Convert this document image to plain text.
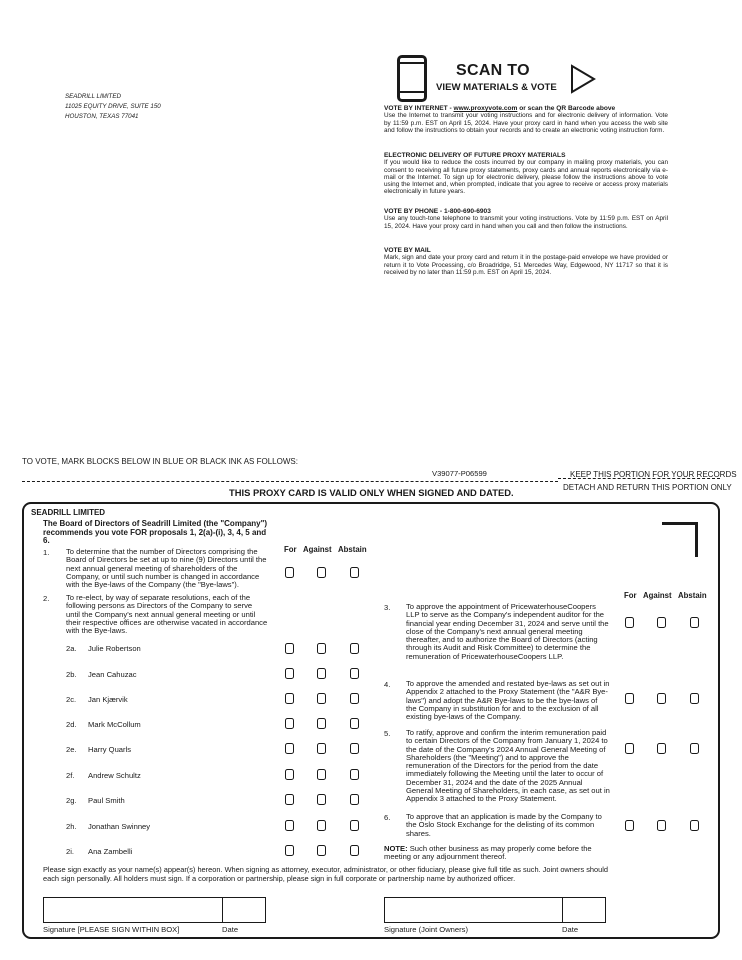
SEADRILL LIMITED
11025 EQUITY DRIVE, SUITE 150
HOUSTON, TEXAS 77041
SCAN TO
VIEW MATERIALS & VOTE
VOTE BY INTERNET - www.proxyvote.com or scan the QR Barcode above
Use the Internet to transmit your voting instructions and for electronic delivery of information. Vote by 11:59 p.m. EST on April 15, 2024. Have your proxy card in hand when you access the web site and follow the instructions to obtain your records and to create an electronic voting instruction form.
ELECTRONIC DELIVERY OF FUTURE PROXY MATERIALS
If you would like to reduce the costs incurred by our company in mailing proxy materials, you can consent to receiving all future proxy statements, proxy cards and annual reports electronically via e-mail or the Internet. To sign up for electronic delivery, please follow the instructions above to vote using the Internet and, when prompted, indicate that you agree to receive or access proxy materials electronically in future years.
VOTE BY PHONE - 1-800-690-6903
Use any touch-tone telephone to transmit your voting instructions. Vote by 11:59 p.m. EST on April 15, 2024. Have your proxy card in hand when you call and then follow the instructions.
VOTE BY MAIL
Mark, sign and date your proxy card and return it in the postage-paid envelope we have provided or return it to Vote Processing, c/o Broadridge, 51 Mercedes Way, Edgewood, NY 11717 so that it is received by no later than 11:59 p.m. EST on April 15, 2024.
TO VOTE, MARK BLOCKS BELOW IN BLUE OR BLACK INK AS FOLLOWS:
V39077-P06599	KEEP THIS PORTION FOR YOUR RECORDS
DETACH AND RETURN THIS PORTION ONLY
THIS PROXY CARD IS VALID ONLY WHEN SIGNED AND DATED.
SEADRILL LIMITED
The Board of Directors of Seadrill Limited (the "Company") recommends you vote FOR proposals 1, 2(a)-(i), 3, 4, 5 and 6.
For Against Abstain
1. To determine that the number of Directors comprising the Board of Directors be set at up to nine (9) Directors until the next annual general meeting of shareholders of the Company, or until such number is changed in accordance with the Bye-laws of the Company (the "Bye-laws").
2. To re-elect, by way of separate resolutions, each of the following persons as Directors of the Company to serve until the Company's next annual general meeting or until their respective offices are otherwise vacated in accordance with the Bye-laws.
2a. Julie Robertson
2b. Jean Cahuzac
2c. Jan Kjærvik
2d. Mark McCollum
2e. Harry Quarls
2f. Andrew Schultz
2g. Paul Smith
2h. Jonathan Swinney
2i. Ana Zambelli
For Against Abstain
3. To approve the appointment of PricewaterhouseCoopers LLP to serve as the Company's independent auditor for the financial year ending December 31, 2024 and serve until the close of the Company's next annual general meeting thereafter, and to authorize the Board of Directors (acting through its Audit and Risk Committee) to determine the remuneration of PricewaterhouseCoopers LLP.
4. To approve the amended and restated bye-laws as set out in Appendix 2 attached to the Proxy Statement (the "A&R Bye-laws") and adopt the A&R Bye-laws to be the bye-laws of the Company in substitution for and to the exclusion of all existing bye-laws of the Company.
5. To ratify, approve and confirm the interim remuneration paid to certain Directors of the Company from January 1, 2024 to the date of the Company's 2024 Annual General Meeting of Shareholders (the "Meeting") and to approve the remuneration of the Directors for the period from the date immediately following the Meeting until the later to occur of December 31, 2024 and the date of the 2025 Annual General Meeting of Shareholders, in each case, as set out in Appendix 3 attached to the Proxy Statement.
6. To approve that an application is made by the Company to the Oslo Stock Exchange for the delisting of its common shares.
NOTE: Such other business as may properly come before the meeting or any adjournment thereof.
Please sign exactly as your name(s) appear(s) hereon. When signing as attorney, executor, administrator, or other fiduciary, please give full title as such. Joint owners should each sign personally. All holders must sign. If a corporation or partnership, please sign in full corporate or partnership name by authorized officer.
Signature [PLEASE SIGN WITHIN BOX]	Date	Signature (Joint Owners)	Date
